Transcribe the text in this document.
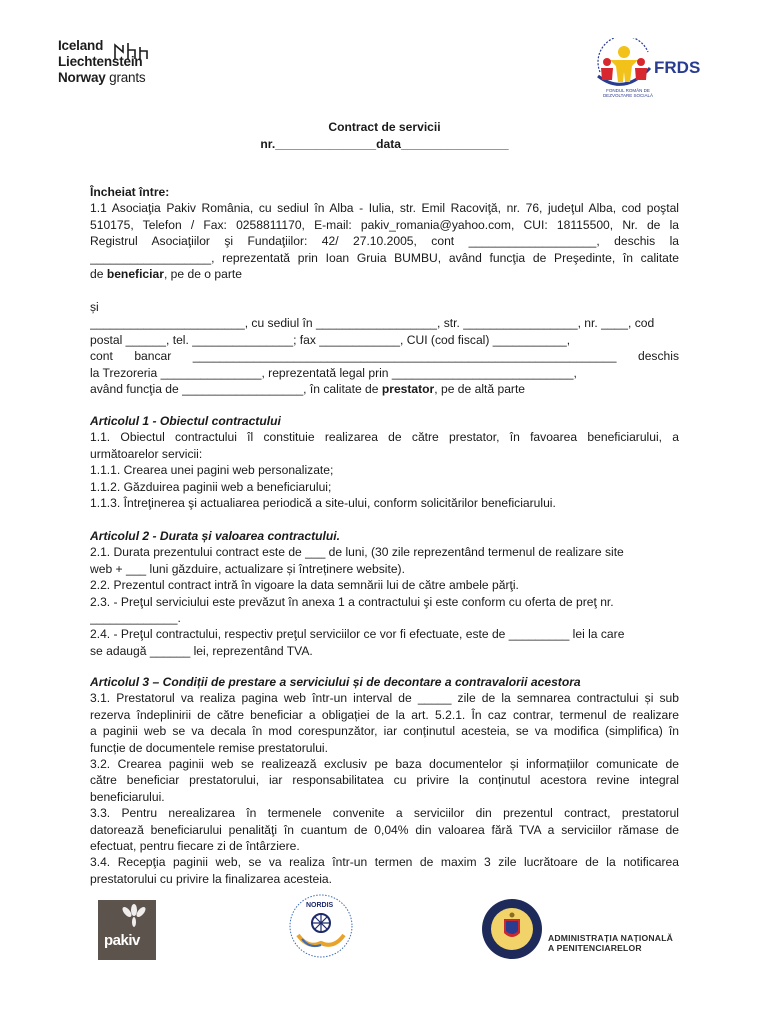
Iceland
Liechtenstein
Norway grants
FRDS
FONDUL ROMÂN DE DEZVOLTARE SOCIALĂ
Contract de servicii
nr._______________data________________
Încheiat între:
1.1 Asociaţia Pakiv România, cu sediul în Alba - Iulia, str. Emil Racoviţă, nr. 76, judeţul Alba, cod poştal
510175, Telefon / Fax: 0258811170, E-mail: pakiv_romania@yahoo.com, CUI: 18115500, Nr. de la
Registrul Asociaţiilor şi Fundaţiilor: 42/ 27.10.2005, cont ___________________, deschis la
__________________, reprezentată prin Ioan Gruia BUMBU, având funcţia de Preşedinte, în calitate
de beneficiar, pe de o parte
și
_______________________, cu sediul în __________________, str. _________________, nr. ____, cod
postal ______, tel. _______________; fax ____________, CUI (cod fiscal) ___________,
cont bancar _______________________________________________________________ deschis
la Trezoreria _______________, reprezentată legal prin ___________________________,
având funcţia de __________________, în calitate de prestator, pe de altă parte
Articolul 1 - Obiectul contractului
1.1. Obiectul contractului îl constituie realizarea de către prestator, în favoarea beneficiarului, a
următoarelor servicii:
1.1.1. Crearea unei pagini web personalizate;
1.1.2. Găzduirea paginii web a beneficiarului;
1.1.3. Întreţinerea şi actualiarea periodică a site-ului, conform solicitărilor beneficiarului.
Articolul 2 - Durata și valoarea contractului.
2.1. Durata prezentului contract este de ___ de luni, (30 zile reprezentând termenul de realizare site
web + ___ luni găzduire, actualizare și întreținere website).
2.2. Prezentul contract intră în vigoare la data semnării lui de către ambele părţi.
2.3. - Preţul serviciului este prevăzut în anexa 1 a contractului şi este conform cu oferta de preţ nr.
_____________.
2.4. - Preţul contractului, respectiv preţul serviciilor ce vor fi efectuate, este de _________ lei la care
se adaugă ______ lei, reprezentând TVA.
Articolul 3 – Condiții de prestare a serviciului și de decontare a contravalorii acestora
3.1. Prestatorul va realiza pagina web într-un interval de _____ zile de la semnarea contractului și sub
rezerva îndeplinirii de către beneficiar a obligației de la art. 5.2.1. În caz contrar, termenul de realizare
a paginii web se va decala în mod corespunzător, iar conținutul acesteia, se va modifica (simplifica) în
funcție de documentele remise prestatorului.
3.2. Crearea paginii web se realizează exclusiv pe baza documentelor și informațiilor comunicate de
către beneficiar prestatorului, iar responsabilitatea cu privire la conținutul acestora revine integral
beneficiarului.
3.3. Pentru nerealizarea în termenele convenite a serviciilor din prezentul contract, prestatorul
datorează beneficiarului penalităţi în cuantum de 0,04% din valoarea fără TVA a serviciilor rămase de
efectuat, pentru fiecare zi de întârziere.
3.4. Recepţia paginii web, se va realiza într-un termen de maxim 3 zile lucrătoare de la notificarea
prestatorului cu privire la finalizarea acesteia.
pakiv
NORDIS
ADMINISTRAȚIA NAȚIONALĂ
A PENITENCIARELOR
